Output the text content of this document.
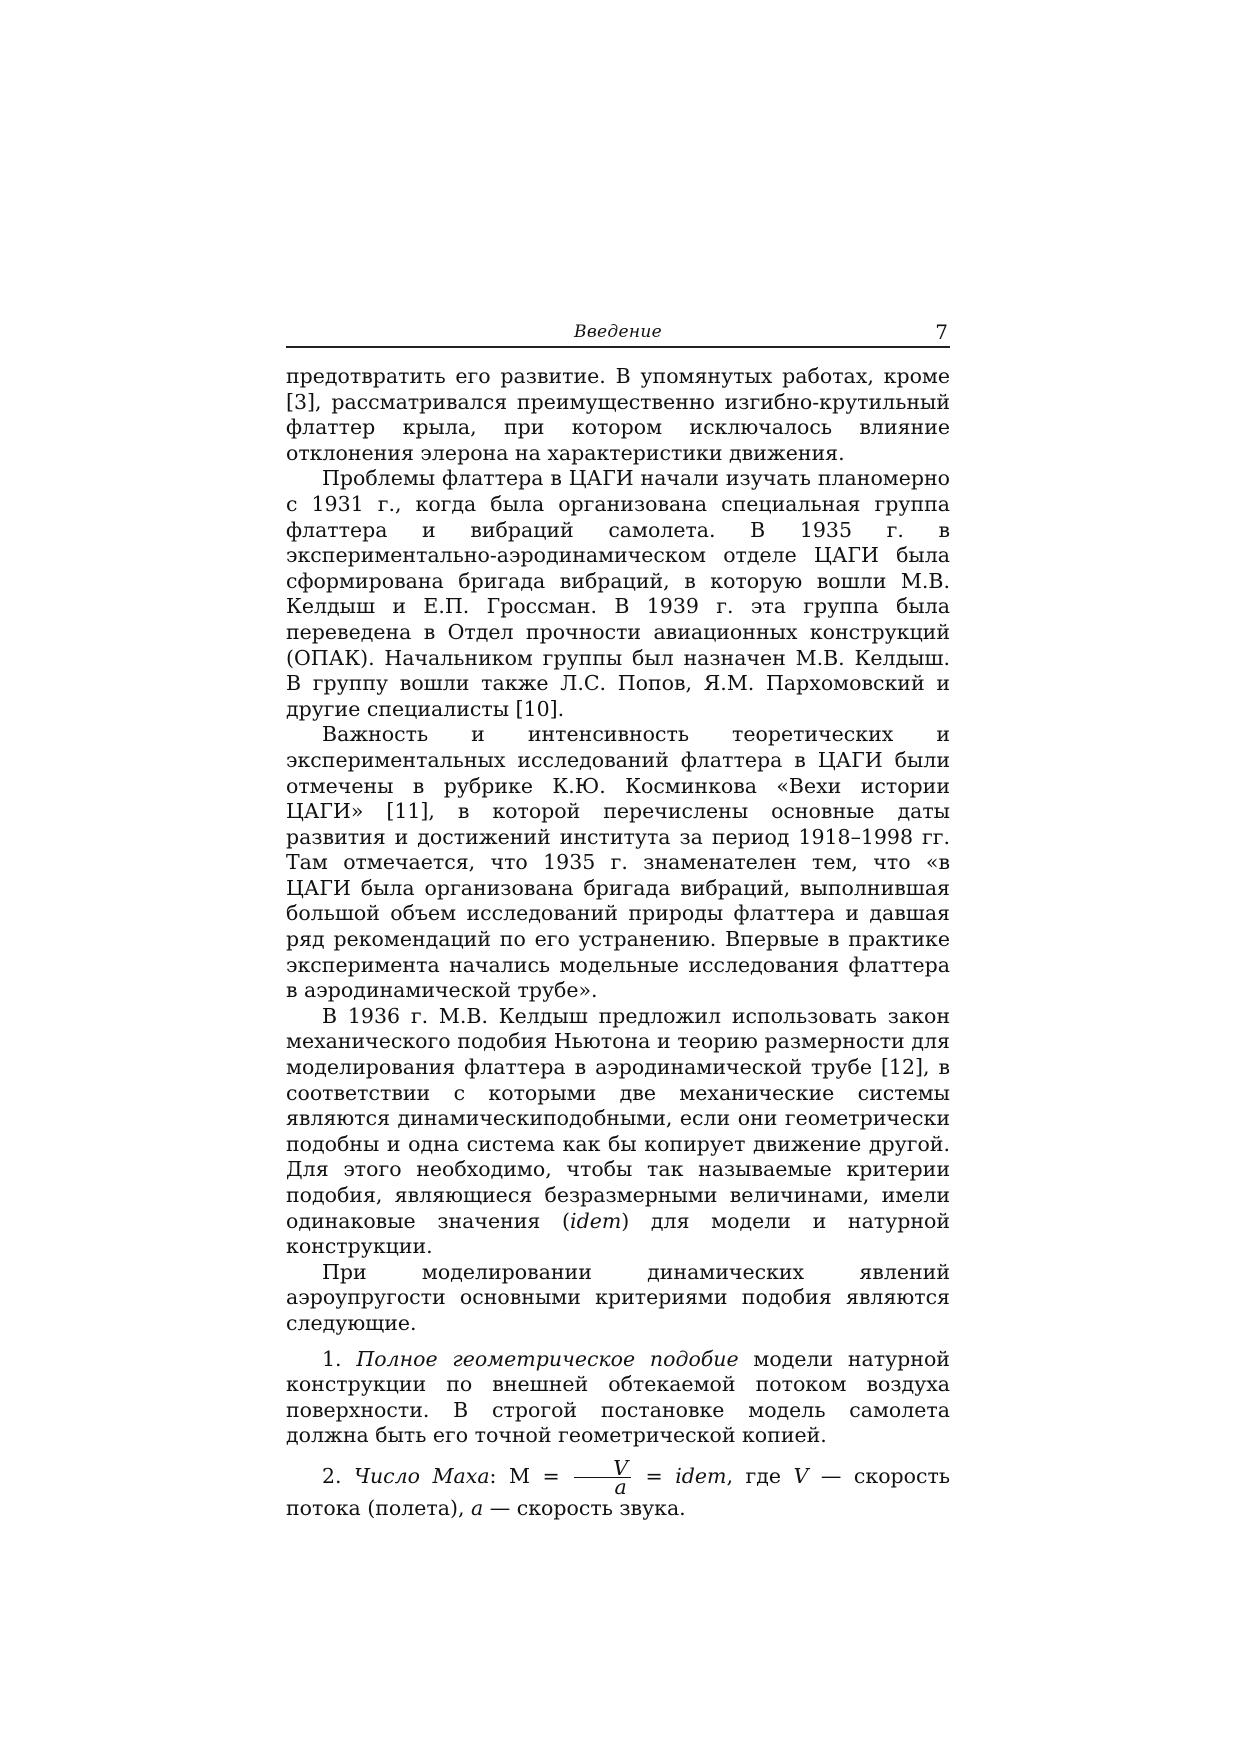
Введение	7

предотвратить его развитие. В упомянутых работах, кроме [3], рассматривался преимущественно изгибно-крутильный флаттер крыла, при котором исключалось влияние отклонения элерона на характеристики движения.

Проблемы флаттера в ЦАГИ начали изучать планомерно с 1931 г., когда была организована специальная группа флаттера и вибраций самолета. В 1935 г. в экспериментально-аэродинамическом отделе ЦАГИ была сформирована бригада вибраций, в которую вошли М.В. Келдыш и Е.П. Гроссман. В 1939 г. эта группа была переведена в Отдел прочности авиационных конструкций (ОПАК). Начальником группы был назначен М.В. Келдыш. В группу вошли также Л.С. Попов, Я.М. Пархомовский и другие специалисты [10].

Важность и интенсивность теоретических и экспериментальных исследований флаттера в ЦАГИ были отмечены в рубрике К.Ю. Косминкова «Вехи истории ЦАГИ» [11], в которой перечислены основные даты развития и достижений института за период 1918–1998 гг. Там отмечается, что 1935 г. знаменателен тем, что «в ЦАГИ была организована бригада вибраций, выполнившая большой объем исследований природы флаттера и давшая ряд рекомендаций по его устранению. Впервые в практике эксперимента начались модельные исследования флаттера в аэродинамической трубе».

В 1936 г. М.В. Келдыш предложил использовать закон механического подобия Ньютона и теорию размерности для моделирования флаттера в аэродинамической трубе [12], в соответствии с которыми две механические системы являются динамическиподобными, если они геометрически подобны и одна система как бы копирует движение другой. Для этого необходимо, чтобы так называемые критерии подобия, являющиеся безразмерными величинами, имели одинаковые значения (idem) для модели и натурной конструкции.

При моделировании динамических явлений аэроупругости основными критериями подобия являются следующие.

1. Полное геометрическое подобие модели натурной конструкции по внешней обтекаемой потоком воздуха поверхности. В строгой постановке модель самолета должна быть его точной геометрической копией.

2. Число Маха: $M = \frac{V}{a}$ = idem, где V — скорость потока (полета), a — скорость звука.
